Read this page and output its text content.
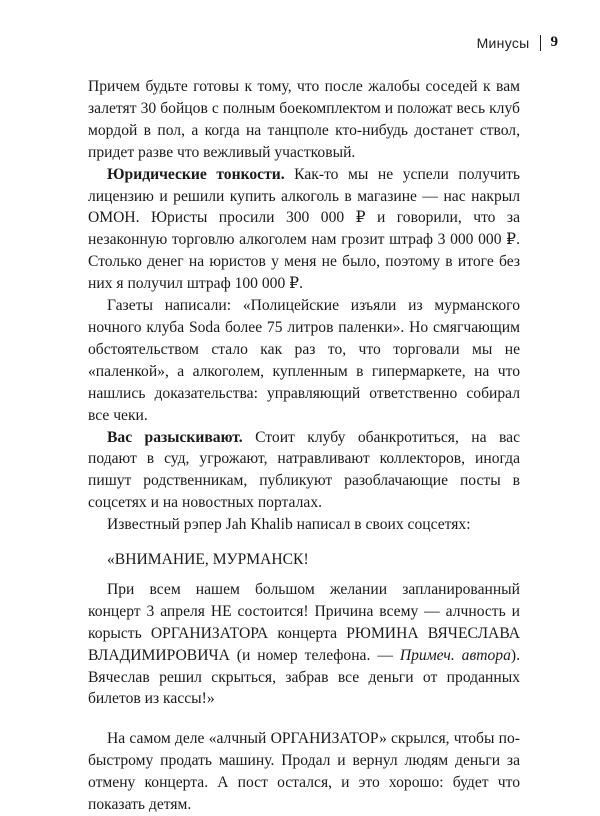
Минусы 9

Причем будьте готовы к тому, что после жалобы соседей к вам залетят 30 бойцов с полным боекомплектом и положат весь клуб мордой в пол, а когда на танцполе кто-нибудь достанет ствол, придет разве что вежливый участковый.

Юридические тонкости. Как-то мы не успели получить лицензию и решили купить алкоголь в магазине — нас накрыл ОМОН. Юристы просили 300 000 ₽ и говорили, что за незаконную торговлю алкоголем нам грозит штраф 3 000 000 ₽. Столько денег на юристов у меня не было, поэтому в итоге без них я получил штраф 100 000 ₽.

Газеты написали: «Полицейские изъяли из мурманского ночного клуба Soda более 75 литров паленки». Но смягчающим обстоятельством стало как раз то, что торговали мы не «паленкой», а алкоголем, купленным в гипермаркете, на что нашлись доказательства: управляющий ответственно собирал все чеки.

Вас разыскивают. Стоит клубу обанкротиться, на вас подают в суд, угрожают, натравливают коллекторов, иногда пишут родственникам, публикуют разоблачающие посты в соцсетях и на новостных порталах.

Известный рэпер Jah Khalib написал в своих соцсетях:

«ВНИМАНИЕ, МУРМАНСК!

При всем нашем большом желании запланированный концерт 3 апреля НЕ состоится! Причина всему — алчность и корысть ОРГАНИЗАТОРА концерта РЮМИНА ВЯЧЕСЛАВА ВЛАДИМИРОВИЧА (и номер телефона. — Примеч. автора). Вячеслав решил скрыться, забрав все деньги от проданных билетов из кассы!»

На самом деле «алчный ОРГАНИЗАТОР» скрылся, чтобы по-быстрому продать машину. Продал и вернул людям деньги за отмену концерта. А пост остался, и это хорошо: будет что показать детям.
